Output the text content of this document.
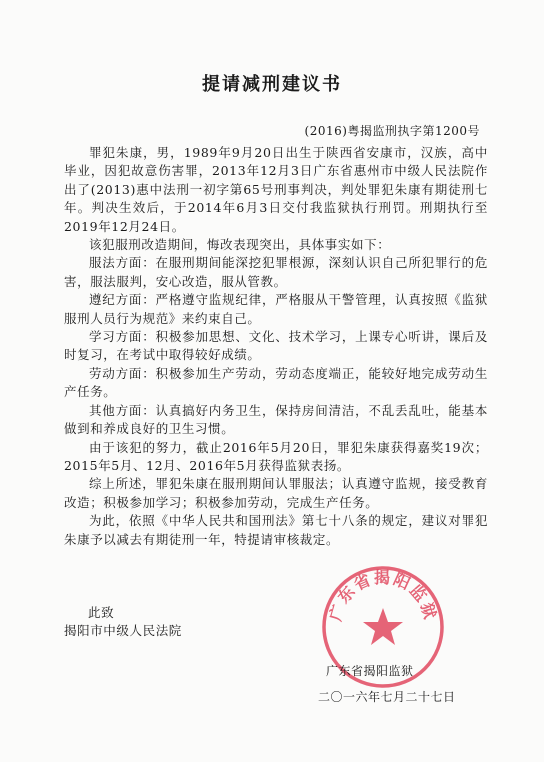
提请减刑建议书
(2016)粤揭监刑执字第1200号

罪犯朱康，男，1989年9月20日出生于陕西省安康市，汉族，高中毕业，因犯故意伤害罪，2013年12月3日广东省惠州市中级人民法院作出了(2013)惠中法刑一初字第65号刑事判决，判处罪犯朱康有期徒刑七年。判决生效后，于2014年6月3日交付我监狱执行刑罚。刑期执行至2019年12月24日。

该犯服刑改造期间，悔改表现突出，具体事实如下：

服法方面：在服刑期间能深挖犯罪根源，深刻认识自己所犯罪行的危害，服法服判，安心改造，服从管教。

遵纪方面：严格遵守监规纪律，严格服从干警管理，认真按照《监狱服刑人员行为规范》来约束自己。

学习方面：积极参加思想、文化、技术学习，上课专心听讲，课后及时复习，在考试中取得较好成绩。

劳动方面：积极参加生产劳动，劳动态度端正，能较好地完成劳动生产任务。

其他方面：认真搞好内务卫生，保持房间清洁，不乱丢乱吐，能基本做到和养成良好的卫生习惯。

由于该犯的努力，截止2016年5月20日，罪犯朱康获得嘉奖19次；2015年5月、12月、2016年5月获得监狱表扬。

综上所述，罪犯朱康在服刑期间认罪服法；认真遵守监规，接受教育改造；积极参加学习；积极参加劳动，完成生产任务。

为此，依照《中华人民共和国刑法》第七十八条的规定，建议对罪犯朱康予以减去有期徒刑一年，特提请审核裁定。

此致
揭阳市中级人民法院
广东省揭阳监狱
广东省揭阳监狱
二〇一六年七月二十七日
